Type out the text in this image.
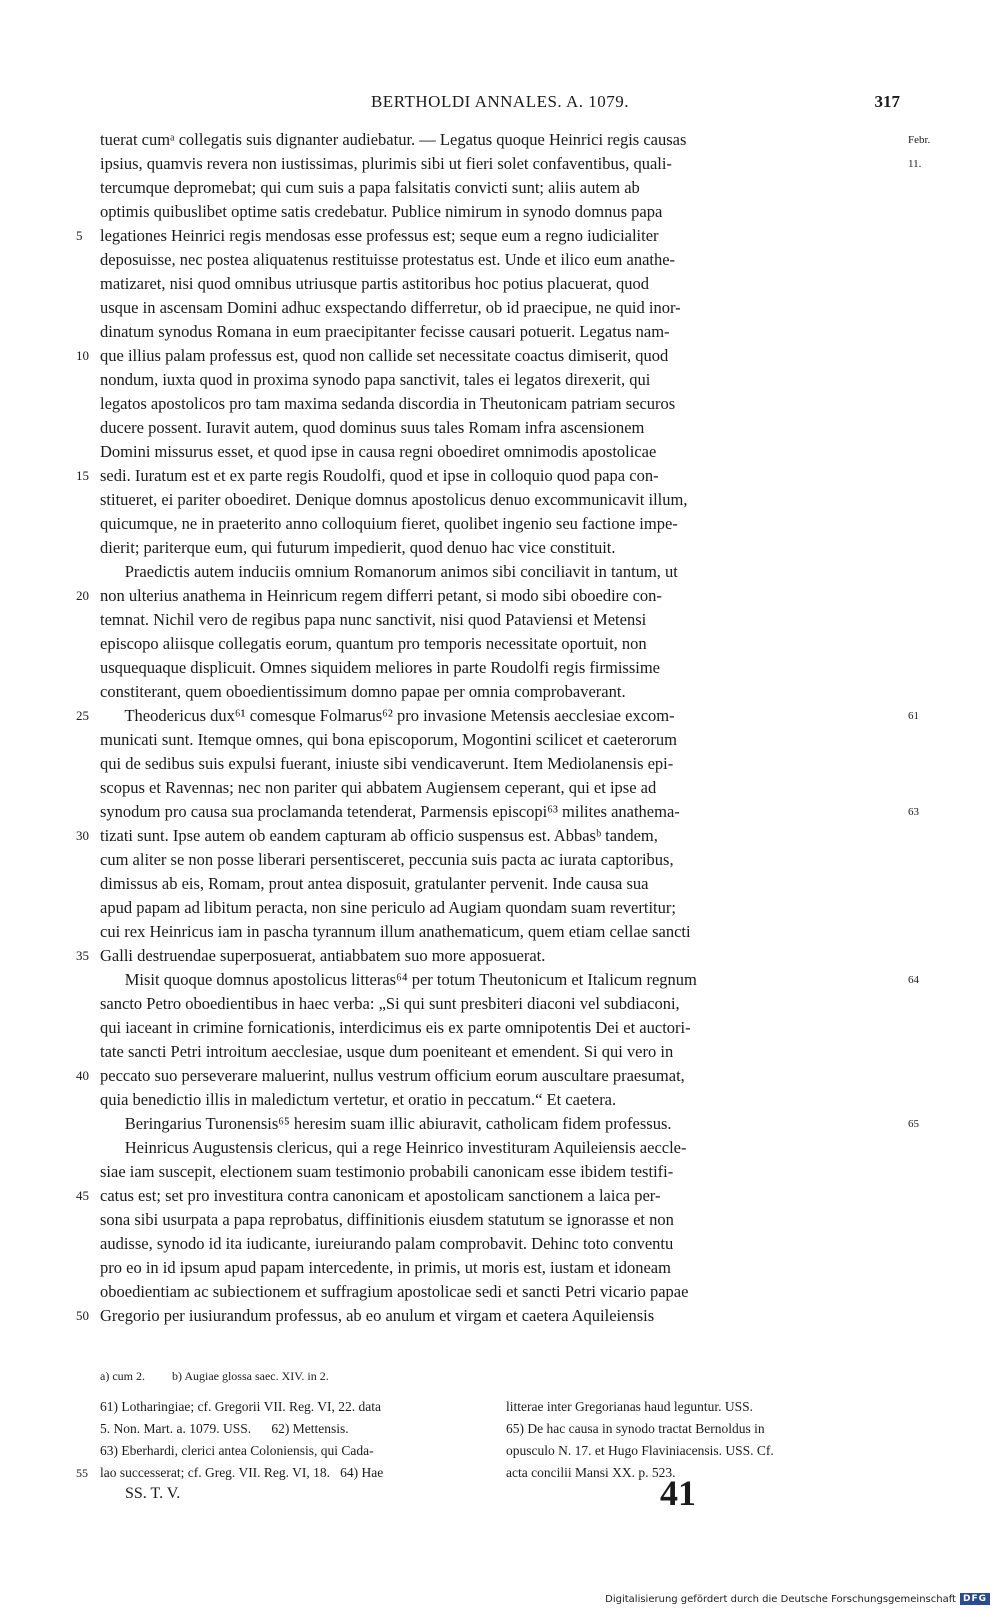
BERTHOLDI ANNALES. A. 1079.	317
tuerat cumᵃ collegatis suis dignanter audiebatur. — Legatus quoque Heinrici regis causas	Febr.
ipsius, quamvis revera non iustissimas, plurimis sibi ut fieri solet confaventibus, quali-	11.
tercumque depromebat; qui cum suis a papa falsitatis convicti sunt; aliis autem ab
optimis quibuslibet optime satis credebatur. Publice nimirum in synodo domnus papa
5	legationes Heinrici regis mendosas esse professus est; seque eum a regno iudicialiter
deposuisse, nec postea aliquatenus restituisse protestatus est. Unde et ilico eum anathe-
matizaret, nisi quod omnibus utriusque partis astitoribus hoc potius placuerat, quod
usque in ascensam Domini adhuc exspectando differretur, ob id praecipue, ne quid inor-
dinatum synodus Romana in eum praecipitanter fecisse causari potuerit. Legatus nam-
10 que illius palam professus est, quod non callide set necessitate coactus dimiserit, quod
nondum, iuxta quod in proxima synodo papa sanctivit, tales ei legatos direxerit, qui
legatos apostolicos pro tam maxima sedanda discordia in Theutonicam patriam securos
ducere possent. Iuravit autem, quod dominus suus tales Romam infra ascensionem
Domini missurus esset, et quod ipse in causa regni oboediret omnimodis apostolicae
15 sedi. Iuratum est et ex parte regis Roudolfi, quod et ipse in colloquio quod papa con-
stitueret, ei pariter oboediret. Denique domnus apostolicus denuo excommunicavit illum,
quicumque, ne in praeterito anno colloquium fieret, quolibet ingenio seu factione impe-
dierit; pariterque eum, qui futurum impedierit, quod denuo hac vice constituit.
Praedictis autem induciis omnium Romanorum animos sibi conciliavit in tantum, ut
20 non ulterius anathema in Heinricum regem differri petant, si modo sibi oboedire con-
temnat. Nichil vero de regibus papa nunc sanctivit, nisi quod Pataviensi et Metensi
episcopo aliisque collegatis eorum, quantum pro temporis necessitate oportuit, non
usquequaque displicuit. Omnes siquidem meliores in parte Roudolfi regis firmissime
constiterant, quem oboedientissimum domno papae per omnia comprobaverant.
25 Theodericus dux⁶¹ comesque Folmarus⁶² pro invasione Metensis aecclesiae excom-	61
municati sunt. Itemque omnes, qui bona episcoporum, Mogontini scilicet et caeterorum
qui de sedibus suis expulsi fuerant, iniuste sibi vendicaverunt. Item Mediolanensis epi-
scopus et Ravennas; nec non pariter qui abbatem Augiensem ceperant, qui et ipse ad
synodum pro causa sua proclamanda tetenderat, Parmensis episcopi⁶³ milites anathema-	63
30 tizati sunt. Ipse autem ob eandem capturam ab officio suspensus est. Abbasᵇ tandem,
cum aliter se non posse liberari persentisceret, peccunia suis pacta ac iurata captoribus,
dimissus ab eis, Romam, prout antea disposuit, gratulanter pervenit. Inde causa sua
apud papam ad libitum peracta, non sine periculo ad Augiam quondam suam revertitur;
cui rex Heinricus iam in pascha tyrannum illum anathematicum, quem etiam cellae sancti
35 Galli destruendae superposuerat, antiabbatem suo more apposuerat.
Misit quoque domnus apostolicus litteras⁶⁴ per totum Theutonicum et Italicum regnum	64
sancto Petro oboedientibus in haec verba: „Si qui sunt presbiteri diaconi vel subdiaconi,
qui iaceant in crimine fornicationis, interdicimus eis ex parte omnipotentis Dei et auctori-
tate sancti Petri introitum aecclesiae, usque dum poeniteant et emendent. Si qui vero in
40 peccato suo perseverare maluerint, nullus vestrum officium eorum auscultare praesumat,
quia benedictio illis in maledictum vertetur, et oratio in peccatum.“ Et caetera.
Beringarius Turonensis⁶⁵ heresim suam illic abiuravit, catholicam fidem professus.	65
Heinricus Augustensis clericus, qui a rege Heinrico investituram Aquileiensis aeccle-
siae iam suscepit, electionem suam testimonio probabili canonicam esse ibidem testifi-
45 catus est; set pro investitura contra canonicam et apostolicam sanctionem a laica per-
sona sibi usurpata a papa reprobatus, diffinitionis eiusdem statutum se ignorasse et non
audisse, synodo id ita iudicante, iureiurando palam comprobavit. Dehinc toto conventu
pro eo in id ipsum apud papam intercedente, in primis, ut moris est, iustam et idoneam
oboedientiam ac subiectionem et suffragium apostolicae sedi et sancti Petri vicario papae
50 Gregorio per iusiurandum professus, ab eo anulum et virgam et caetera Aquileiensis
a) cum 2. b) Augiae glossa saec. XIV. in 2.
61) Lotharingiae; cf. Gregorii VII. Reg. VI, 22. data
5. Non. Mart. a. 1079. USS.      62) Mettensis.
63) Eberhardi, clerici antea Coloniensis, qui Cada-
55 lao successerat; cf. Greg. VII. Reg. VI, 18.   64) Hae
litterae inter Gregorianas haud leguntur. USS.
65) De hac causa in synodo tractat Bernoldus in
opusculo N. 17. et Hugo Flaviniacensis. USS. Cf.
acta concilii Mansi XX. p. 523.
SS. T. V.	41
Digitalisierung gefördert durch die Deutsche Forschungsgemeinschaft DFG
